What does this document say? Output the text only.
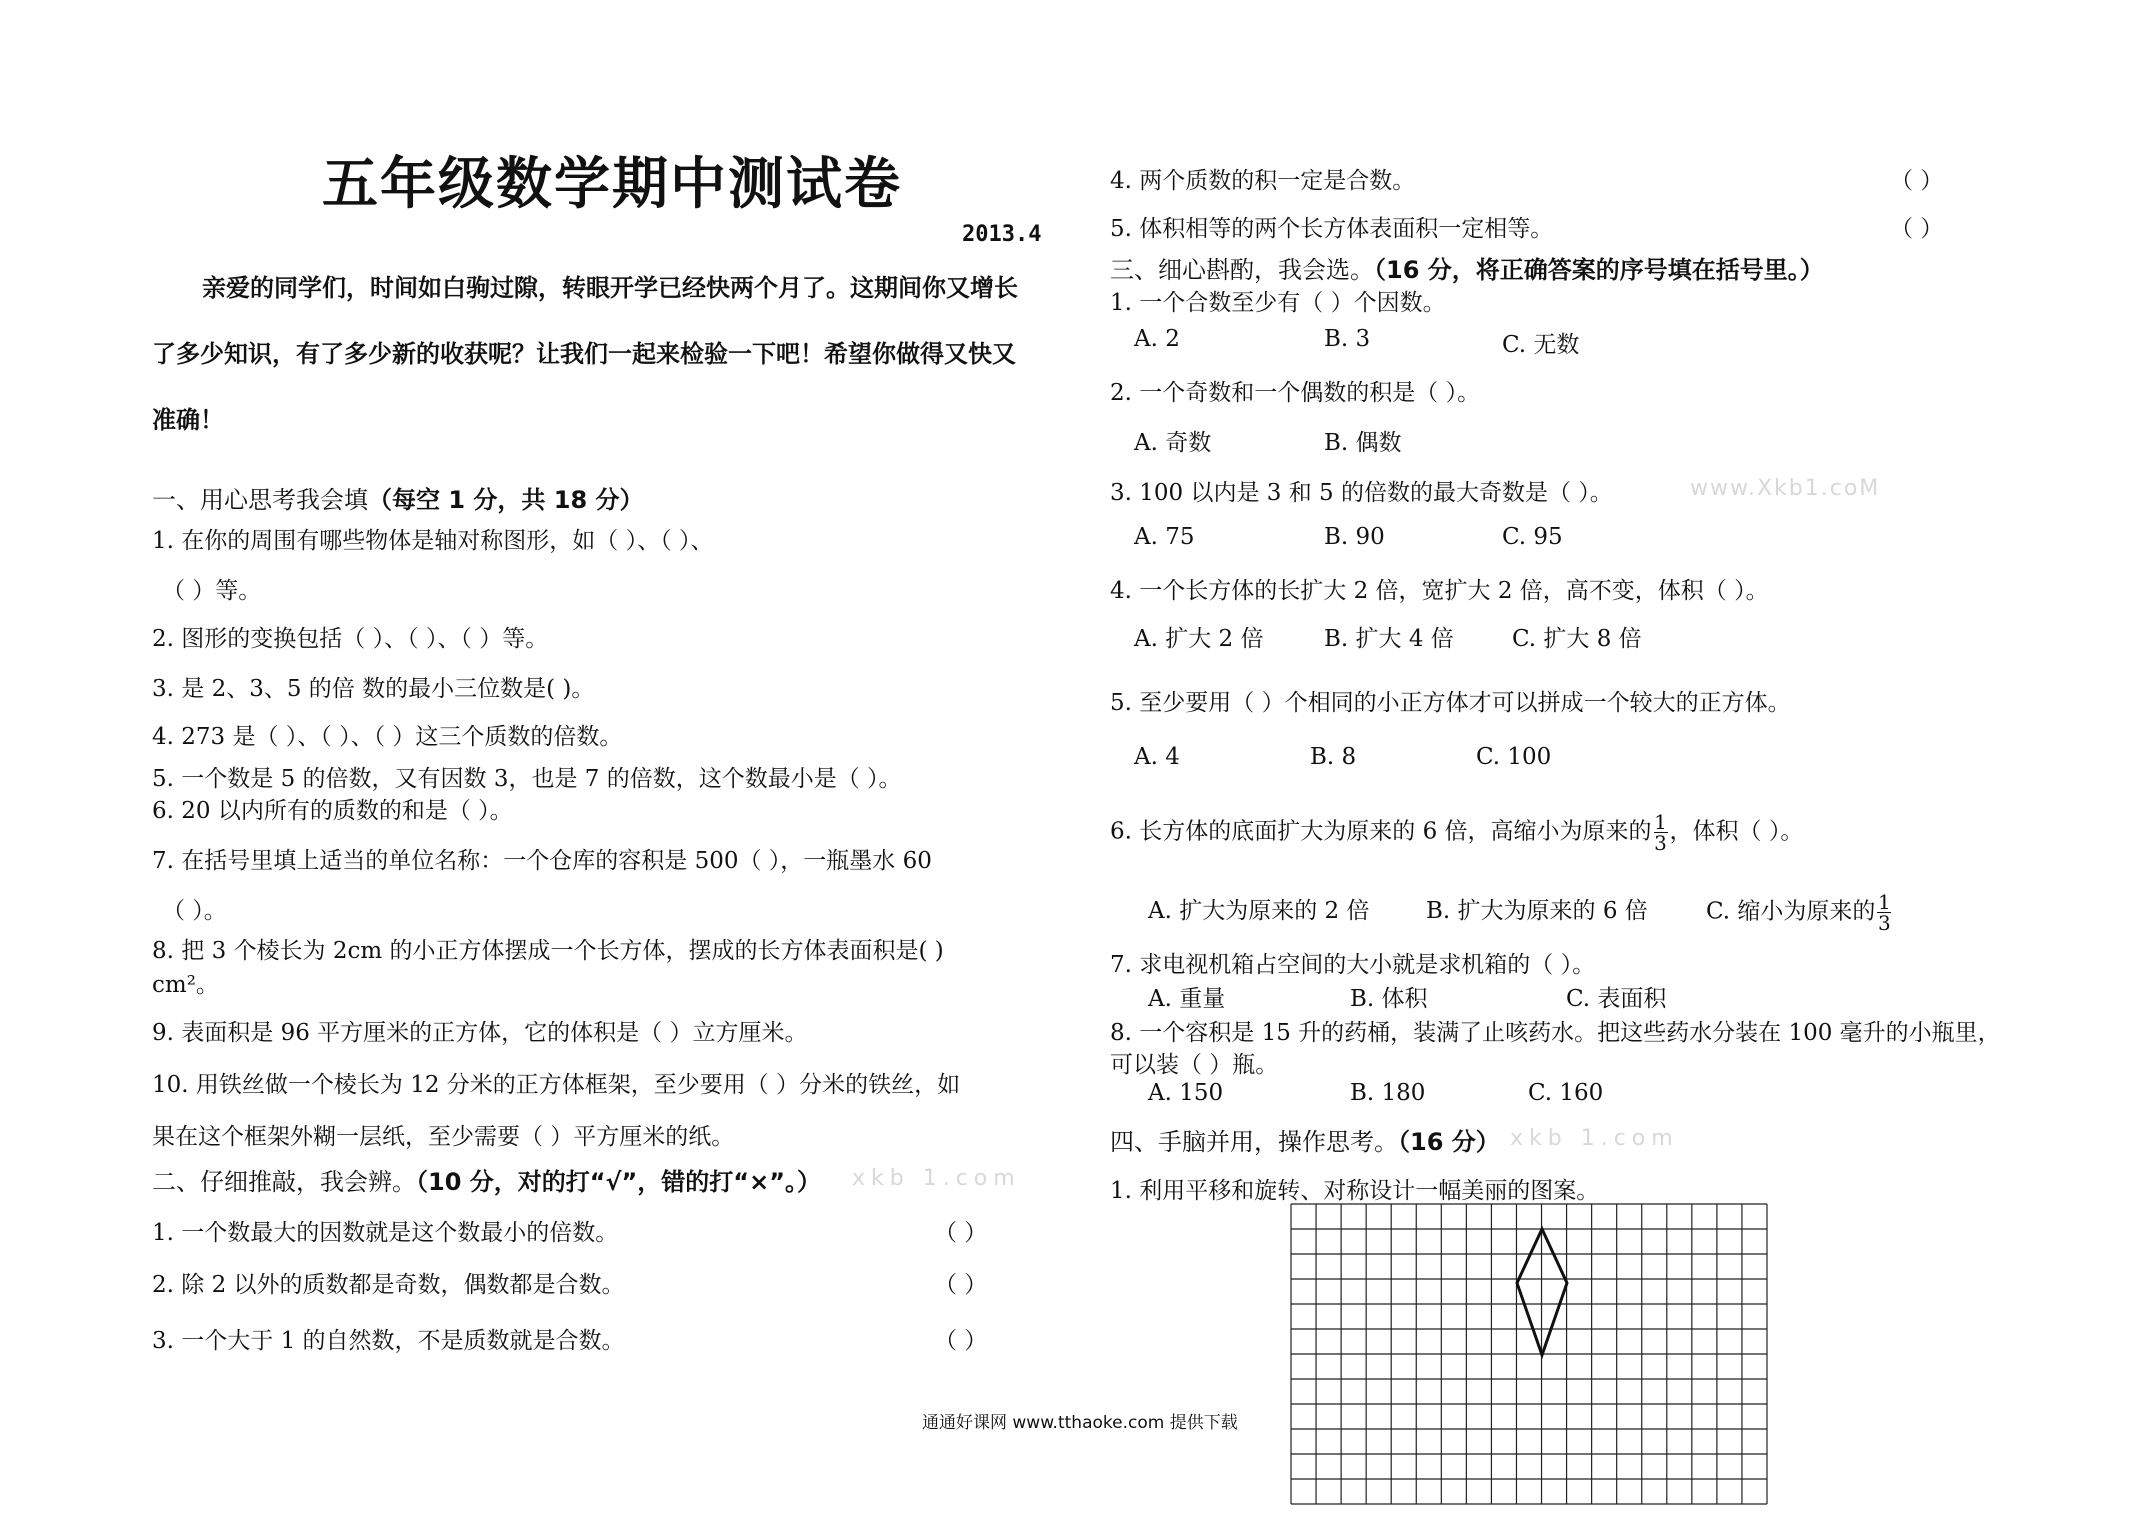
五年级数学期中测试卷
2013.4
亲爱的同学们，时间如白驹过隙，转眼开学已经快两个月了。这期间你又增长
了多少知识，有了多少新的收获呢？让我们一起来检验一下吧！希望你做得又快又
准确！
一、用心思考我会填（每空 1 分，共 18 分）
1. 在你的周围有哪些物体是轴对称图形，如（ ）、（ ）、
（ ）等。
2. 图形的变换包括（ ）、（ ）、（ ）等。
3. 是 2、3、5 的倍 数的最小三位数是( )。
4. 273 是（ ）、（ ）、（ ）这三个质数的倍数。
5. 一个数是 5 的倍数，又有因数 3，也是 7 的倍数，这个数最小是（ ）。
6. 20 以内所有的质数的和是（ ）。
7. 在括号里填上适当的单位名称：一个仓库的容积是 500（ ），一瓶墨水 60
（ ）。
8. 把 3 个棱长为 2cm 的小正方体摆成一个长方体，摆成的长方体表面积是( )
cm²。
9. 表面积是 96 平方厘米的正方体，它的体积是（ ）立方厘米。
10. 用铁丝做一个棱长为 12 分米的正方体框架，至少要用（ ）分米的铁丝，如
果在这个框架外糊一层纸，至少需要（ ）平方厘米的纸。
二、仔细推敲，我会辨。（10 分，对的打“√”，错的打“×”。） xkb 1.com
1. 一个数最大的因数就是这个数最小的倍数。	（ ）
2. 除 2 以外的质数都是奇数，偶数都是合数。	（ ）
3. 一个大于 1 的自然数，不是质数就是合数。	（ ）
通通好课网 www.tthaoke.com 提供下载
4. 两个质数的积一定是合数。	（ ）
5. 体积相等的两个长方体表面积一定相等。	（ ）
三、细心斟酌，我会选。（16 分，将正确答案的序号填在括号里。）
1. 一个合数至少有（ ）个因数。
A. 2	B. 3	C. 无数
2. 一个奇数和一个偶数的积是（ ）。
A. 奇数	B. 偶数
3. 100 以内是 3 和 5 的倍数的最大奇数是（ ）。	www.Xkb1.coM
A. 75	B. 90	C. 95
4. 一个长方体的长扩大 2 倍，宽扩大 2 倍，高不变，体积（ ）。
A. 扩大 2 倍	B. 扩大 4 倍	C. 扩大 8 倍
5. 至少要用（ ）个相同的小正方体才可以拼成一个较大的正方体。
A. 4	B. 8	C. 100
6. 长方体的底面扩大为原来的 6 倍，高缩小为原来的 $\frac{1}{3}$ ，体积（ ）。
A. 扩大为原来的 2 倍 B. 扩大为原来的 6 倍	C. 缩小为原来的 $\frac{1}{3}$
7. 求电视机箱占空间的大小就是求机箱的（ ）。
A. 重量	B. 体积	C. 表面积
8. 一个容积是 15 升的药桶，装满了止咳药水。把这些药水分装在 100 毫升的小瓶里，
可以装（ ）瓶。
A. 150	B. 180	C. 160
四、手脑并用，操作思考。（16 分） xkb 1.com
1. 利用平移和旋转、对称设计一幅美丽的图案。
